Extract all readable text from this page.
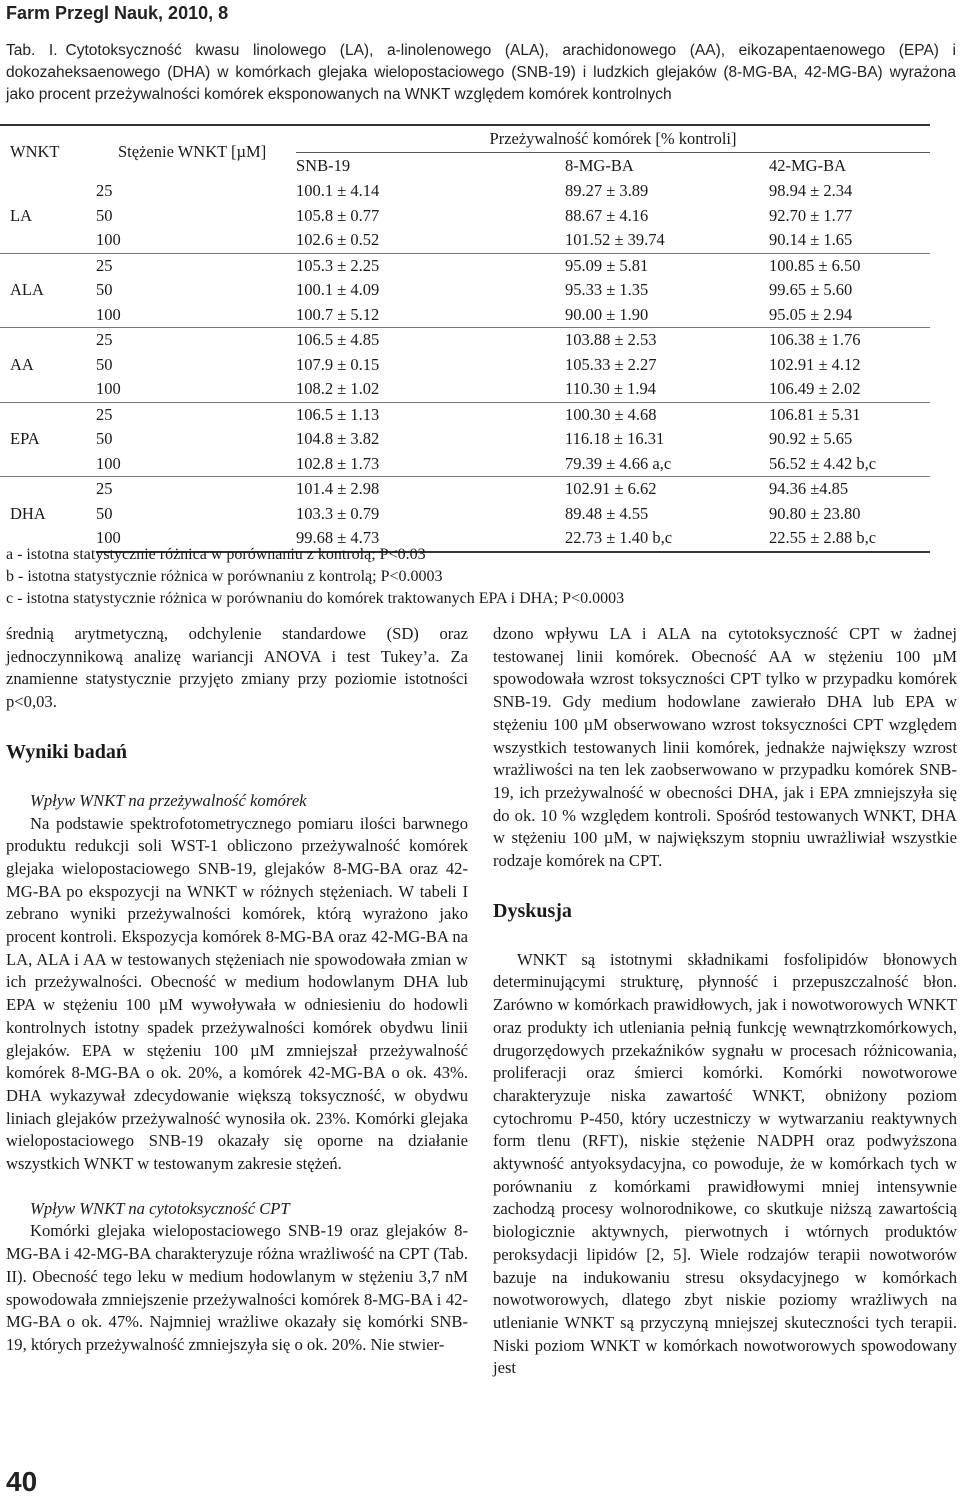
Farm Przegl Nauk, 2010, 8
Tab. I. Cytotoksyczność kwasu linolowego (LA), a-linolenowego (ALA), arachidonowego (AA), eikozapentaenowego (EPA) i dokozaheksaenowego (DHA) w komórkach glejaka wielopostaciowego (SNB-19) i ludzkich glejaków (8-MG-BA, 42-MG-BA) wyrażona jako procent przeżywalności komórek eksponowanych na WNKT względem komórek kontrolnych
WNKT	Stężenie WNKT [µM]	Przeżywalność komórek [% kontroli]		
		SNB-19	8-MG-BA	42-MG-BA
LA	25	100.1 ± 4.14	89.27 ± 3.89	98.94 ± 2.34
	50	105.8 ± 0.77	88.67 ± 4.16	92.70 ± 1.77
	100	102.6 ± 0.52	101.52 ± 39.74	90.14 ± 1.65
ALA	25	105.3 ± 2.25	95.09 ± 5.81	100.85 ± 6.50
	50	100.1 ± 4.09	95.33 ± 1.35	99.65 ± 5.60
	100	100.7 ± 5.12	90.00 ± 1.90	95.05 ± 2.94
AA	25	106.5 ± 4.85	103.88 ± 2.53	106.38 ± 1.76
	50	107.9 ± 0.15	105.33 ± 2.27	102.91 ± 4.12
	100	108.2 ± 1.02	110.30 ± 1.94	106.49 ± 2.02
EPA	25	106.5 ± 1.13	100.30 ± 4.68	106.81 ± 5.31
	50	104.8 ± 3.82	116.18 ± 16.31	90.92 ± 5.65
	100	102.8 ± 1.73	79.39 ± 4.66 a,c	56.52 ± 4.42 b,c
DHA	25	101.4 ± 2.98	102.91 ± 6.62	94.36 ±4.85
	50	103.3 ± 0.79	89.48 ± 4.55	90.80 ± 23.80
	100	99.68 ± 4.73	22.73 ± 1.40 b,c	22.55 ± 2.88 b,c
a - istotna statystycznie różnica w porównaniu z kontrolą; P<0.03
b - istotna statystycznie różnica w porównaniu z kontrolą; P<0.0003
c - istotna statystycznie różnica w porównaniu do komórek traktowanych EPA i DHA; P<0.0003

średnią arytmetyczną, odchylenie standardowe (SD) oraz jednoczynnikową analizę wariancji ANOVA i test Tukey’a. Za znamienne statystycznie przyjęto zmiany przy poziomie istotności p<0,03.

Wyniki badań

Wpływ WNKT na przeżywalność komórek

Na podstawie spektrofotometrycznego pomiaru ilości barwnego produktu redukcji soli WST-1 obliczono przeżywalność komórek glejaka wielopostaciowego SNB-19, glejaków 8-MG-BA oraz 42-MG-BA po ekspozycji na WNKT w różnych stężeniach. W tabeli I zebrano wyniki przeżywalności komórek, którą wyrażono jako procent kontroli. Ekspozycja komórek 8-MG-BA oraz 42-MG-BA na LA, ALA i AA w testowanych stężeniach nie spowodowała zmian w ich przeżywalności. Obecność w medium hodowlanym DHA lub EPA w stężeniu 100 µM wywoływała w odniesieniu do hodowli kontrolnych istotny spadek przeżywalności komórek obydwu linii glejaków. EPA w stężeniu 100 µM zmniejszał przeżywalność komórek 8-MG-BA o ok. 20%, a komórek 42-MG-BA o ok. 43%. DHA wykazywał zdecydowanie większą toksyczność, w obydwu liniach glejaków przeżywalność wynosiła ok. 23%. Komórki glejaka wielopostaciowego SNB-19 okazały się oporne na działanie wszystkich WNKT w testowanym zakresie stężeń.

Wpływ WNKT na cytotoksyczność CPT

Komórki glejaka wielopostaciowego SNB-19 oraz glejaków 8-MG-BA i 42-MG-BA charakteryzuje różna wrażliwość na CPT (Tab. II). Obecność tego leku w medium hodowlanym w stężeniu 3,7 nM spowodowała zmniejszenie przeżywalności komórek 8-MG-BA i 42-MG-BA o ok. 47%. Najmniej wrażliwe okazały się komórki SNB-19, których przeżywalność zmniejszyła się o ok. 20%. Nie stwier-

dzono wpływu LA i ALA na cytotoksyczność CPT w żadnej testowanej linii komórek. Obecność AA w stężeniu 100 µM spowodowała wzrost toksyczności CPT tylko w przypadku komórek SNB-19. Gdy medium hodowlane zawierało DHA lub EPA w stężeniu 100 µM obserwowano wzrost toksyczności CPT względem wszystkich testowanych linii komórek, jednakże największy wzrost wrażliwości na ten lek zaobserwowano w przypadku komórek SNB-19, ich przeżywalność w obecności DHA, jak i EPA zmniejszyła się do ok. 10 % względem kontroli. Spośród testowanych WNKT, DHA w stężeniu 100 µM, w największym stopniu uwrażliwiał wszystkie rodzaje komórek na CPT.

Dyskusja

WNKT są istotnymi składnikami fosfolipidów błonowych determinującymi strukturę, płynność i przepuszczalność błon. Zarówno w komórkach prawidłowych, jak i nowotworowych WNKT oraz produkty ich utleniania pełnią funkcję wewnątrzkomórkowych, drugorzędowych przekaźników sygnału w procesach różnicowania, proliferacji oraz śmierci komórki. Komórki nowotworowe charakteryzuje niska zawartość WNKT, obniżony poziom cytochromu P-450, który uczestniczy w wytwarzaniu reaktywnych form tlenu (RFT), niskie stężenie NADPH oraz podwyższona aktywność antyoksydacyjna, co powoduje, że w komórkach tych w porównaniu z komórkami prawidłowymi mniej intensywnie zachodzą procesy wolnorodnikowe, co skutkuje niższą zawartością biologicznie aktywnych, pierwotnych i wtórnych produktów peroksydacji lipidów [2, 5]. Wiele rodzajów terapii nowotworów bazuje na indukowaniu stresu oksydacyjnego w komórkach nowotworowych, dlatego zbyt niskie poziomy wrażliwych na utlenianie WNKT są przyczyną mniejszej skuteczności tych terapii. Niski poziom WNKT w komórkach nowotworowych spowodowany jest

40
